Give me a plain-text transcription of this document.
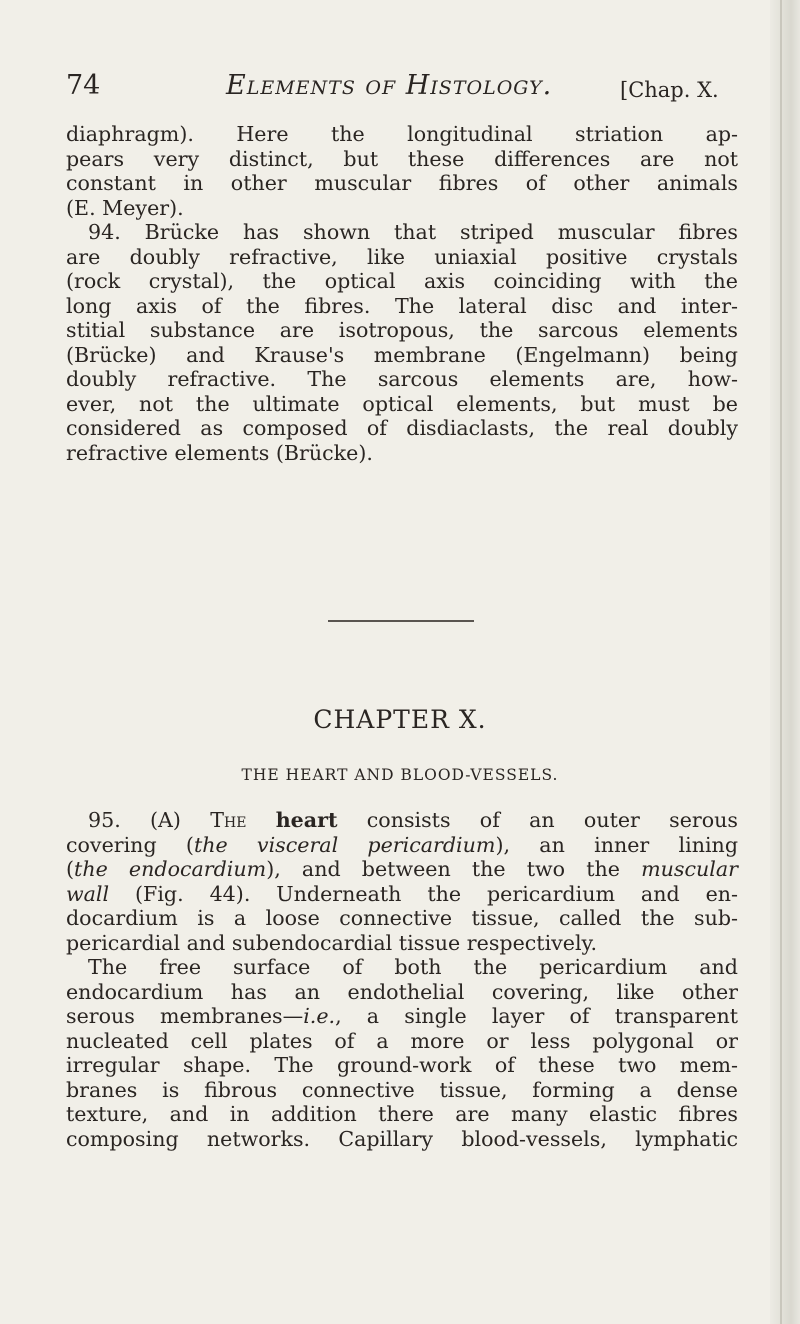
74	Elements of Histology.	[Chap. X.

diaphragm). Here the longitudinal striation ap-
pears very distinct, but these differences are not
constant in other muscular fibres of other animals
(E. Meyer).

94. Brücke has shown that striped muscular fibres
are doubly refractive, like uniaxial positive crystals
(rock crystal), the optical axis coinciding with the
long axis of the fibres. The lateral disc and inter-
stitial substance are isotropous, the sarcous elements
(Brücke) and Krause's membrane (Engelmann) being
doubly refractive. The sarcous elements are, how-
ever, not the ultimate optical elements, but must be
considered as composed of disdiaclasts, the real doubly
refractive elements (Brücke).

CHAPTER X.
THE HEART AND BLOOD-VESSELS.

95. (A) The heart consists of an outer serous
covering (the visceral pericardium), an inner lining
(the endocardium), and between the two the muscular
wall (Fig. 44). Underneath the pericardium and en-
docardium is a loose connective tissue, called the sub-
pericardial and subendocardial tissue respectively.

The free surface of both the pericardium and
endocardium has an endothelial covering, like other
serous membranes—i.e., a single layer of transparent
nucleated cell plates of a more or less polygonal or
irregular shape. The ground-work of these two mem-
branes is fibrous connective tissue, forming a dense
texture, and in addition there are many elastic fibres
composing networks. Capillary blood-vessels, lymphatic
